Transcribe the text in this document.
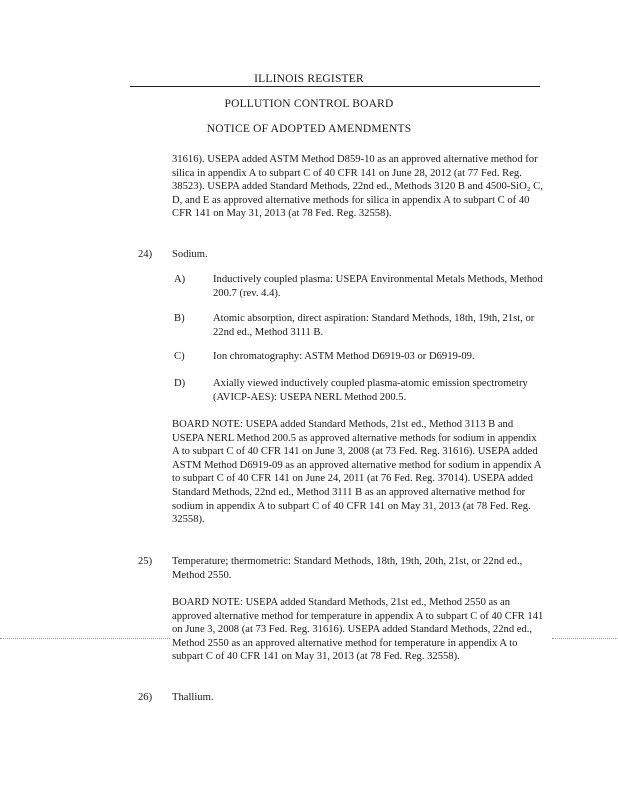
ILLINOIS REGISTER
POLLUTION CONTROL BOARD
NOTICE OF ADOPTED AMENDMENTS

31616). USEPA added ASTM Method D859-10 as an approved alternative method for silica in appendix A to subpart C of 40 CFR 141 on June 28, 2012 (at 77 Fed. Reg. 38523). USEPA added Standard Methods, 22nd ed., Methods 3120 B and 4500-SiO₂ C, D, and E as approved alternative methods for silica in appendix A to subpart C of 40 CFR 141 on May 31, 2013 (at 78 Fed. Reg. 32558).

24) Sodium.
A)	Inductively coupled plasma: USEPA Environmental Metals Methods, Method 200.7 (rev. 4.4).

B)	Atomic absorption, direct aspiration: Standard Methods, 18th, 19th, 21st, or 22nd ed., Method 3111 B.

C)	Ion chromatography: ASTM Method D6919-03 or D6919-09.

D)	Axially viewed inductively coupled plasma-atomic emission spectrometry (AVICP-AES): USEPA NERL Method 200.5.

BOARD NOTE: USEPA added Standard Methods, 21st ed., Method 3113 B and USEPA NERL Method 200.5 as approved alternative methods for sodium in appendix A to subpart C of 40 CFR 141 on June 3, 2008 (at 73 Fed. Reg. 31616). USEPA added ASTM Method D6919-09 as an approved alternative method for sodium in appendix A to subpart C of 40 CFR 141 on June 24, 2011 (at 76 Fed. Reg. 37014). USEPA added Standard Methods, 22nd ed., Method 3111 B as an approved alternative method for sodium in appendix A to subpart C of 40 CFR 141 on May 31, 2013 (at 78 Fed. Reg. 32558).

25) Temperature; thermometric: Standard Methods, 18th, 19th, 20th, 21st, or 22nd ed., Method 2550.

BOARD NOTE: USEPA added Standard Methods, 21st ed., Method 2550 as an approved alternative method for temperature in appendix A to subpart C of 40 CFR 141 on June 3, 2008 (at 73 Fed. Reg. 31616). USEPA added Standard Methods, 22nd ed., Method 2550 as an approved alternative method for temperature in appendix A to subpart C of 40 CFR 141 on May 31, 2013 (at 78 Fed. Reg. 32558).

26) Thallium.
